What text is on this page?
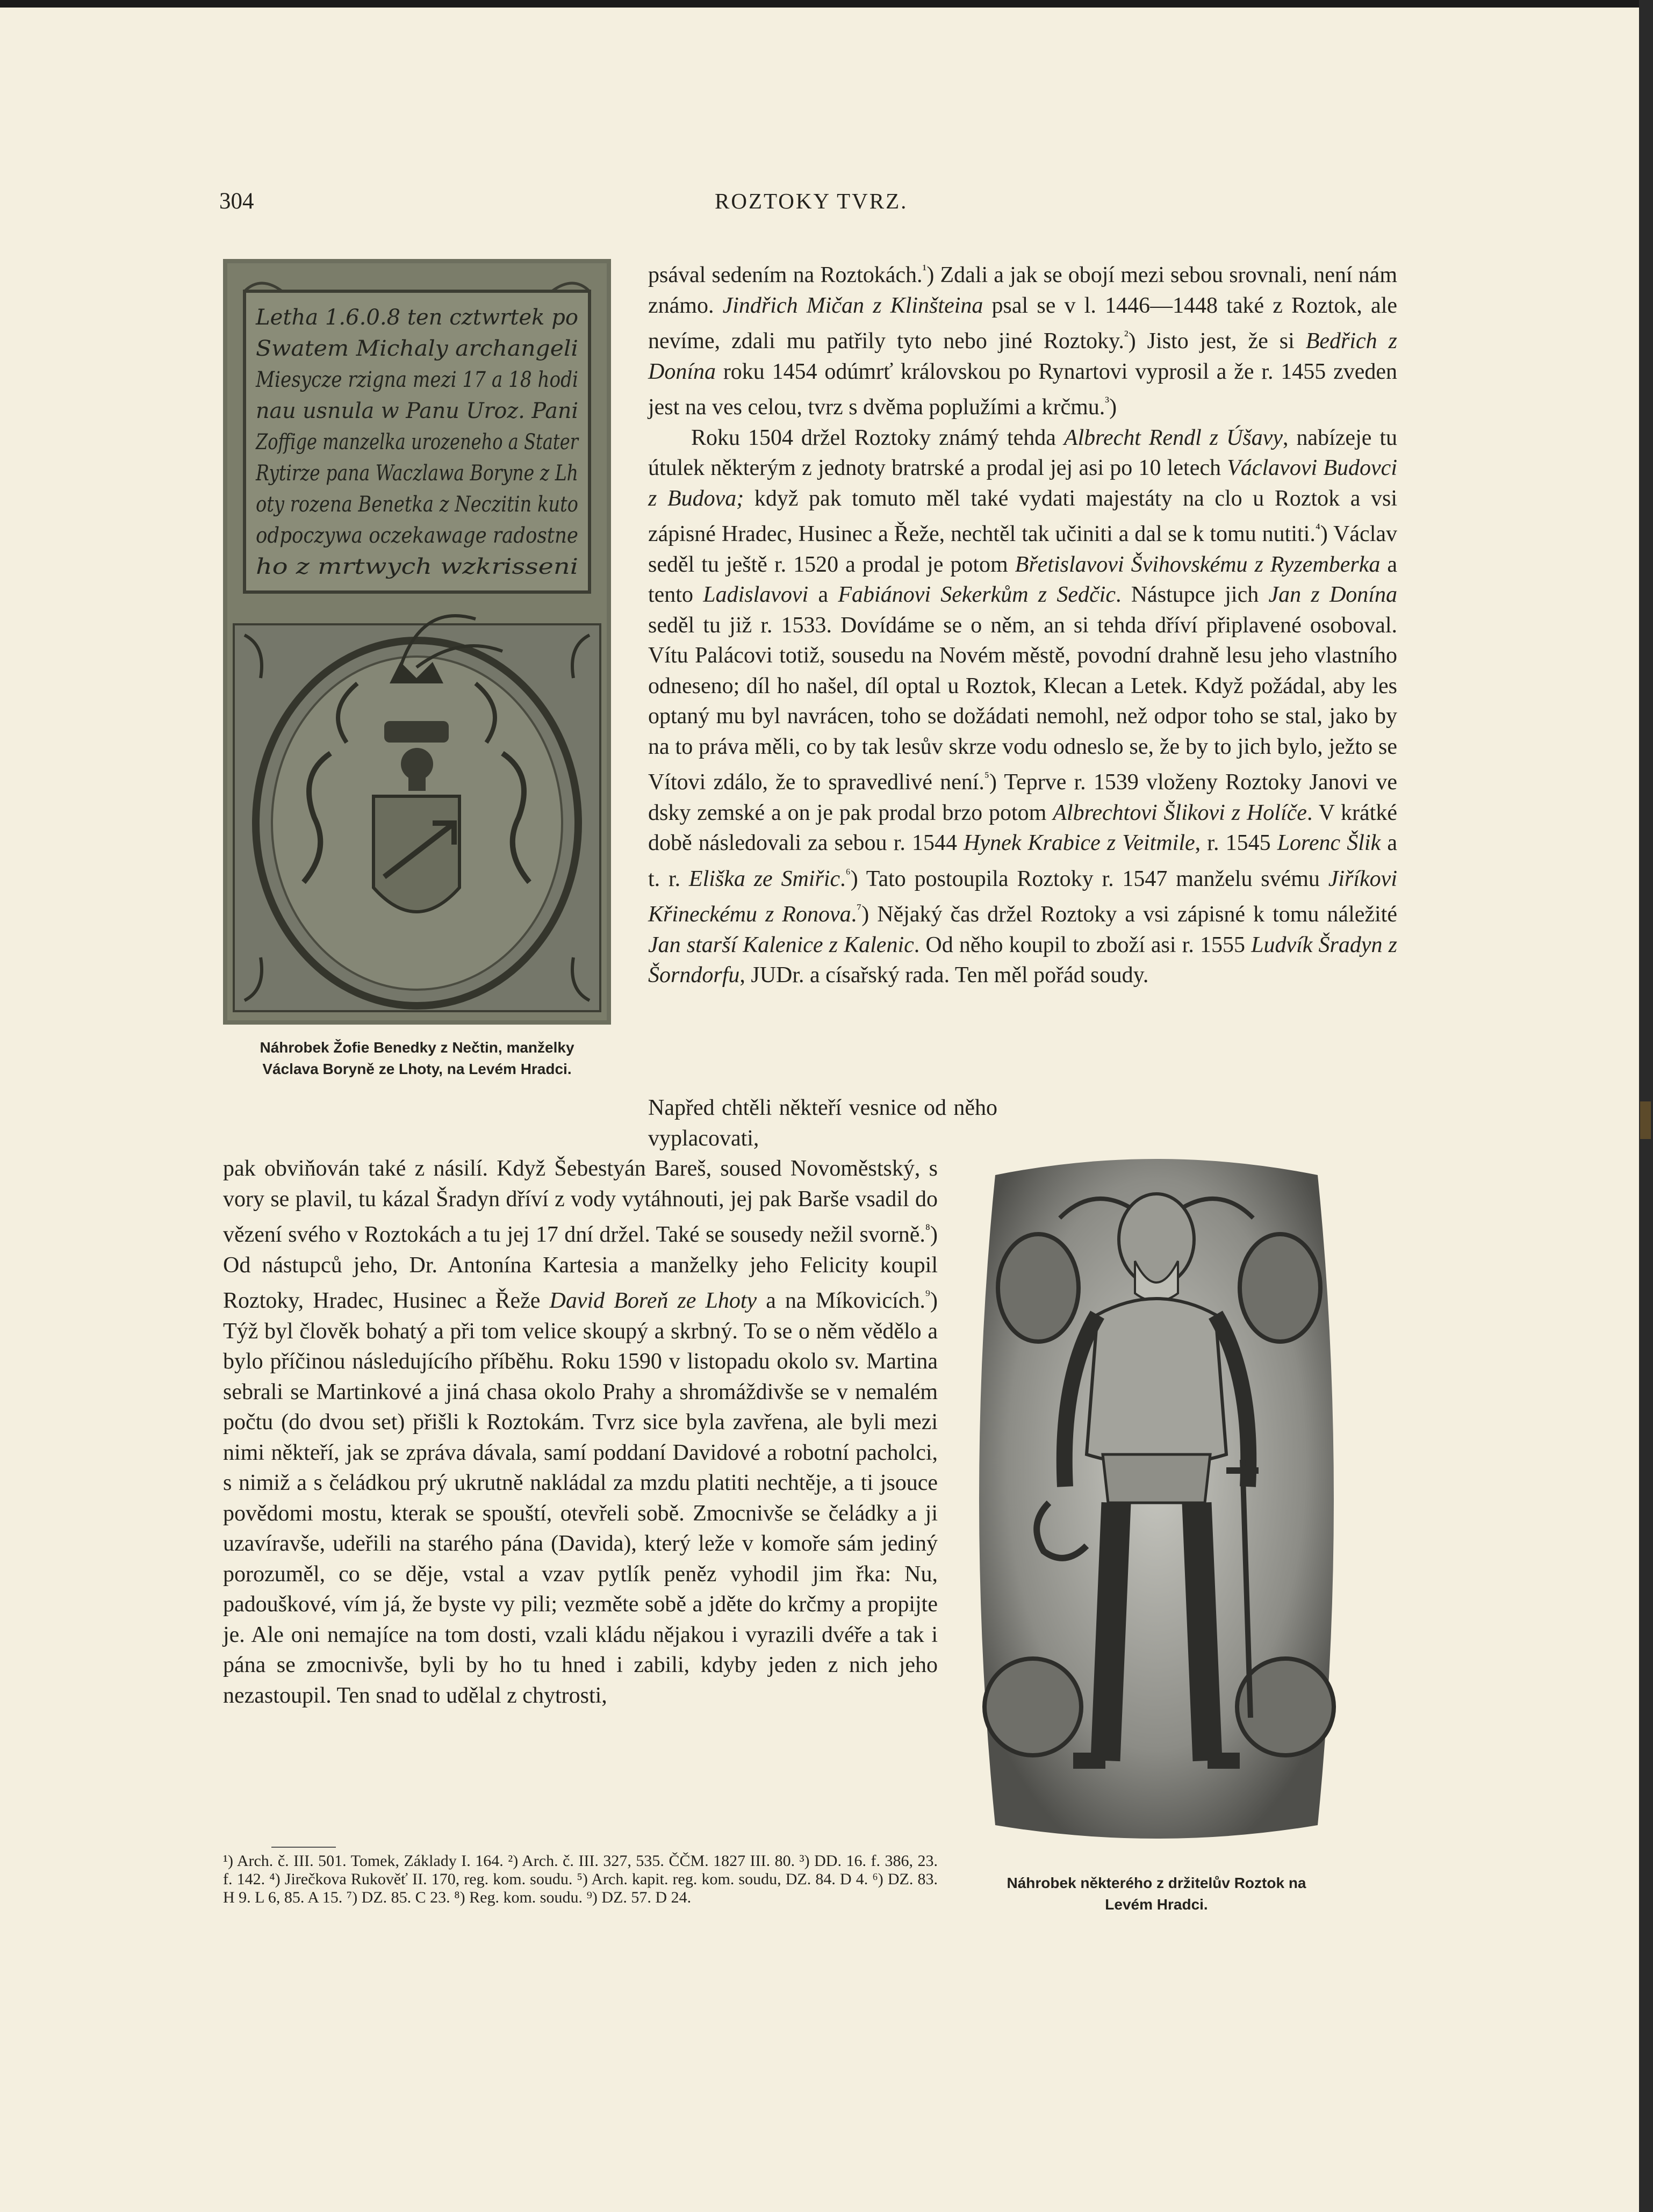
304	ROZTOKY TVRZ.
Letha 1.6.0.8 ten cztwrtek po
Swatem Michaly archangeli
Miesycze rzigna mezi 17 a 18 hodi
nau usnula w Panu Uroz. Pani
Zoffige manzelka urozeneho a Stater
Rytirze pana Waczlawa Boryne z Lh
oty rozena Benetka z Neczitin kuto
odpoczywa oczekawage radostne
ho z mrtwych wzkrisseni
Náhrobek Žofie Benedky z Nečtin, manželky
Václava Boryně ze Lhoty, na Levém Hradci.

psával sedením na Roztokách.$^{^1}$) Zdali a jak se obojí mezi sebou srovnali, není nám známo. Jindřich Mičan z Klinšteina psal se v l. 1446—1448 také z Roztok, ale nevíme, zdali mu patřily tyto nebo jiné Roztoky.$^{^2}$) Jisto jest, že si Bedřich z Donína roku 1454 odúmrť královskou po Rynartovi vyprosil a že r. 1455 zveden jest na ves celou, tvrz s dvěma poplužími a krčmu.$^{^3}$)

Roku 1504 držel Roztoky známý tehda Albrecht Rendl z Úšavy, nabízeje tu útulek některým z jednoty bratrské a prodal jej asi po 10 letech Václavovi Budovci z Budova; když pak tomuto měl také vydati majestáty na clo u Roztok a vsi zápisné Hradec, Husinec a Řeže, nechtěl tak učiniti a dal se k tomu nutiti.$^{^4}$) Václav seděl tu ještě r. 1520 a prodal je potom Břetislavovi Švihovskému z Ryzemberka a tento Ladislavovi a Fabiánovi Sekerkům z Sedčic. Nástupce jich Jan z Donína seděl tu již r. 1533. Dovídáme se o něm, an si tehda dříví připlavené osoboval. Vítu Palácovi totiž, sousedu na Novém městě, povodní drahně lesu jeho vlastního odneseno; díl ho našel, díl optal u Roztok, Klecan a Letek. Když požádal, aby les optaný mu byl navrácen, toho se dožádati nemohl, než odpor toho se stal, jako by na to práva měli, co by tak lesův skrze vodu odneslo se, že by to jich bylo, ježto se Vítovi zdálo, že to spravedlivé není.$^{^5}$) Teprve r. 1539 vloženy Roztoky Janovi ve dsky zemské a on je pak prodal brzo potom Albrechtovi Šlikovi z Holíče. V krátké době následovali za sebou r. 1544 Hynek Krabice z Veitmile, r. 1545 Lorenc Šlik a t. r. Eliška ze Smiřic.$^{^6}$) Tato postoupila Roztoky r. 1547 manželu svému Jiříkovi Křineckému z Ronova.$^{^7}$) Nějaký čas držel Roztoky a vsi zápisné k tomu náležité Jan starší Kalenice z Kalenic. Od něho koupil to zboží asi r. 1555 Ludvík Šradyn z Šorndorfu, JUDr. a císařský rada. Ten měl pořád soudy.

Napřed chtěli někteří vesnice od něho vyplacovati,

pak obviňován také z násilí. Když Šebestyán Bareš, soused Novoměstský, s vory se plavil, tu kázal Šradyn dříví z vody vytáhnouti, jej pak Barše vsadil do vězení svého v Roztokách a tu jej 17 dní držel. Také se sousedy nežil svorně.$^{^8}$) Od nástupců jeho, Dr. Antonína Kartesia a manželky jeho Felicity koupil Roztoky, Hradec, Husinec a Řeže David Boreň ze Lhoty a na Míkovicích.$^{^9}$) Týž byl člověk bohatý a při tom velice skoupý a skrbný. To se o něm vědělo a bylo příčinou následujícího příběhu. Roku 1590 v listopadu okolo sv. Martina sebrali se Martinkové a jiná chasa okolo Prahy a shromáždivše se v nemalém počtu (do dvou set) přišli k Roztokám. Tvrz sice byla zavřena, ale byli mezi nimi někteří, jak se zpráva dávala, samí poddaní Davidové a robotní pacholci, s nimiž a s čeládkou prý ukrutně nakládal za mzdu platiti nechtěje, a ti jsouce povědomi mostu, kterak se spouští, otevřeli sobě. Zmocnivše se čeládky a ji uzavíravše, udeřili na starého pána (Davida), který leže v komoře sám jediný porozuměl, co se děje, vstal a vzav pytlík peněz vyhodil jim řka: Nu, padouškové, vím já, že byste vy pili; vezměte sobě a jděte do krčmy a propijte je. Ale oni nemajíce na tom dosti, vzali kládu nějakou i vyrazili dvéře a tak i pána se zmocnivše, byli by ho tu hned i zabili, kdyby jeden z nich jeho nezastoupil. Ten snad to udělal z chytrosti,

Náhrobek některého z držitelův Roztok na
Levém Hradci.
¹) Arch. č. III. 501. Tomek, Základy I. 164. ²) Arch. č. III. 327, 535. ČČM. 1827 III. 80. ³) DD. 16. f. 386, 23. f. 142. ⁴) Jirečkova Rukověť II. 170, reg. kom. soudu. ⁵) Arch. kapit. reg. kom. soudu, DZ. 84. D 4. ⁶) DZ. 83. H 9. L 6, 85. A 15. ⁷) DZ. 85. C 23. ⁸) Reg. kom. soudu. ⁹) DZ. 57. D 24.
